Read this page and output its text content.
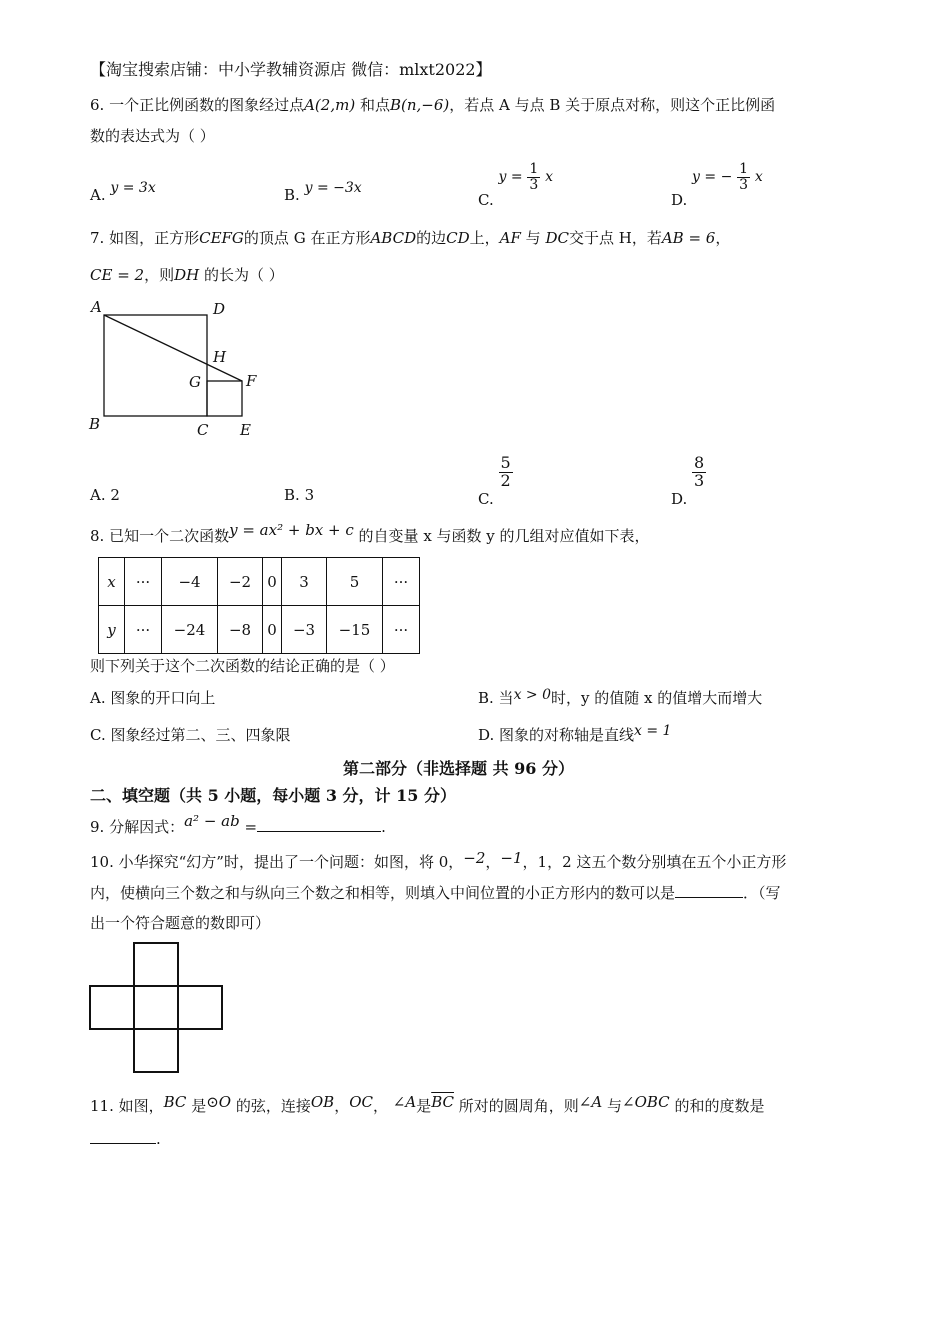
【淘宝搜索店铺：中小学教辅资源店 微信：mlxt2022】
6. 一个正比例函数的图象经过点A(2,m) 和点B(n,−6)，若点 A 与点 B 关于原点对称，则这个正比例函
数的表达式为（ ）
A. y = 3x	B. y = −3x
C. $y = \frac{1}{3}$ x
D. y = − $\frac{1}{3}$ x
7. 如图，正方形CEFG的顶点 G 在正方形ABCD的边CD上，AF 与 DC交于点 H，若AB = 6，
CE = 2，则DH 的长为（ ）
A	D
H
G	F
B	C E
A. 2	B. 3	C.
$\frac{5}{2}$
D.
$\frac{8}{3}$
8. 已知一个二次函数y = ax² + bx + c 的自变量 x 与函数 y 的几组对应值如下表，
x	···	−4	−2	0	3	5	···
y	···	−24	−8	0	−3	−15	···
则下列关于这个二次函数的结论正确的是（ ）
A. 图象的开口向上	B. 当x > 0时，y 的值随 x 的值增大而增大
C. 图象经过第二、三、四象限	D. 图象的对称轴是直线x = 1
第二部分（非选择题 共 96 分）
二、填空题（共 5 小题，每小题 3 分，计 15 分）
9. 分解因式：a² − ab =	.
10. 小华探究“幻方”时，提出了一个问题：如图，将 0，−2，−1，1，2 这五个数分别填在五个小正方形
内，使横向三个数之和与纵向三个数之和相等，则填入中间位置的小正方形内的数可以是	．（写
出一个符合题意的数即可）
11. 如图，BC 是⊙O 的弦，连接OB，OC， ∠A是$\overline{BC}$ 所对的圆周角，则∠A 与∠OBC 的和的度数是
.
